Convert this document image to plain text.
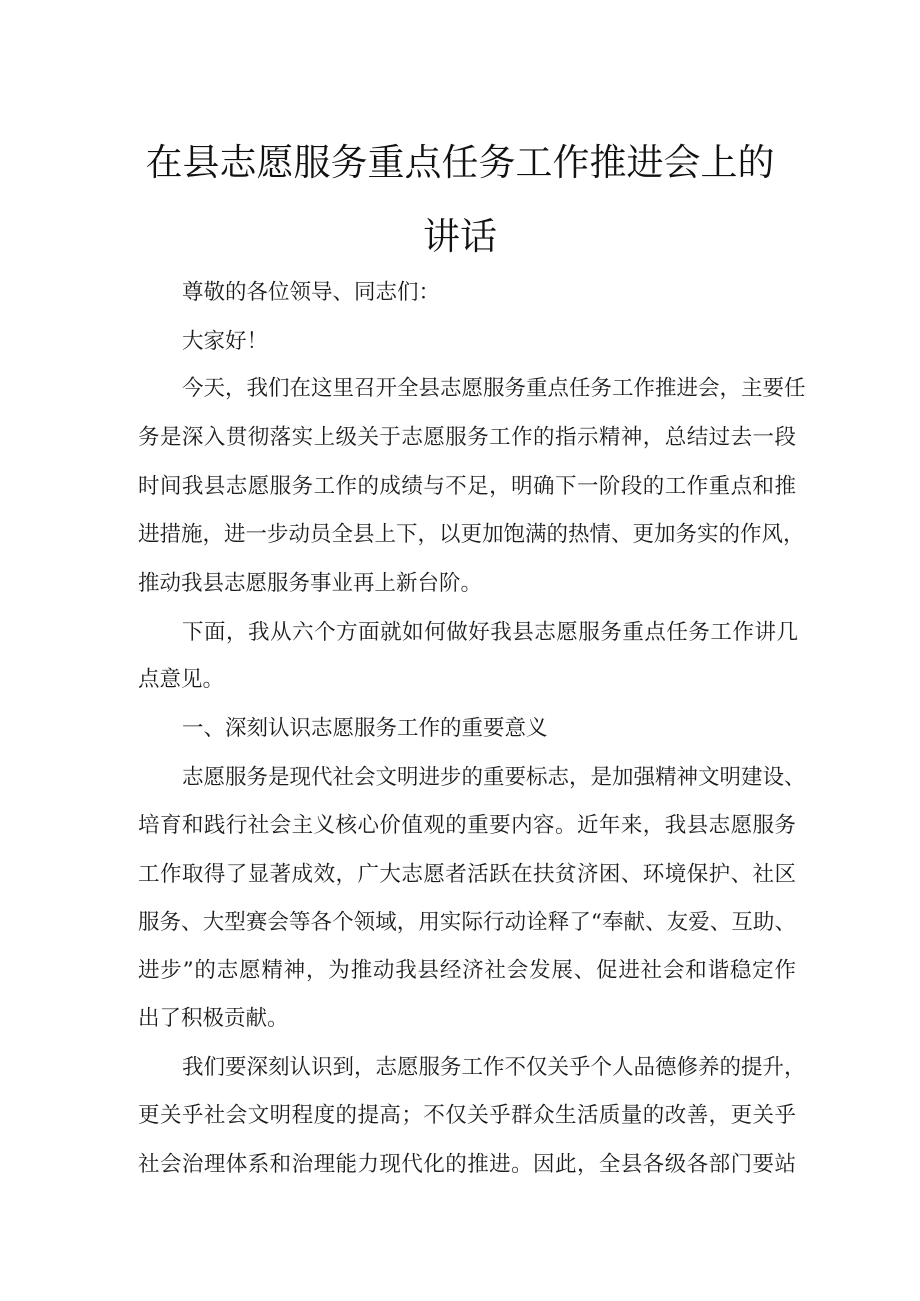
在县志愿服务重点任务工作推进会上的
讲话
尊敬的各位领导、同志们：
大家好！
今天，我们在这里召开全县志愿服务重点任务工作推进会，主要任
务是深入贯彻落实上级关于志愿服务工作的指示精神，总结过去一段
时间我县志愿服务工作的成绩与不足，明确下一阶段的工作重点和推
进措施，进一步动员全县上下，以更加饱满的热情、更加务实的作风，
推动我县志愿服务事业再上新台阶。
下面，我从六个方面就如何做好我县志愿服务重点任务工作讲几
点意见。
一、深刻认识志愿服务工作的重要意义
志愿服务是现代社会文明进步的重要标志，是加强精神文明建设、
培育和践行社会主义核心价值观的重要内容。近年来，我县志愿服务
工作取得了显著成效，广大志愿者活跃在扶贫济困、环境保护、社区
服务、大型赛会等各个领域，用实际行动诠释了“奉献、友爱、互助、
进步”的志愿精神，为推动我县经济社会发展、促进社会和谐稳定作
出了积极贡献。
我们要深刻认识到，志愿服务工作不仅关乎个人品德修养的提升，
更关乎社会文明程度的提高；不仅关乎群众生活质量的改善，更关乎
社会治理体系和治理能力现代化的推进。因此，全县各级各部门要站
